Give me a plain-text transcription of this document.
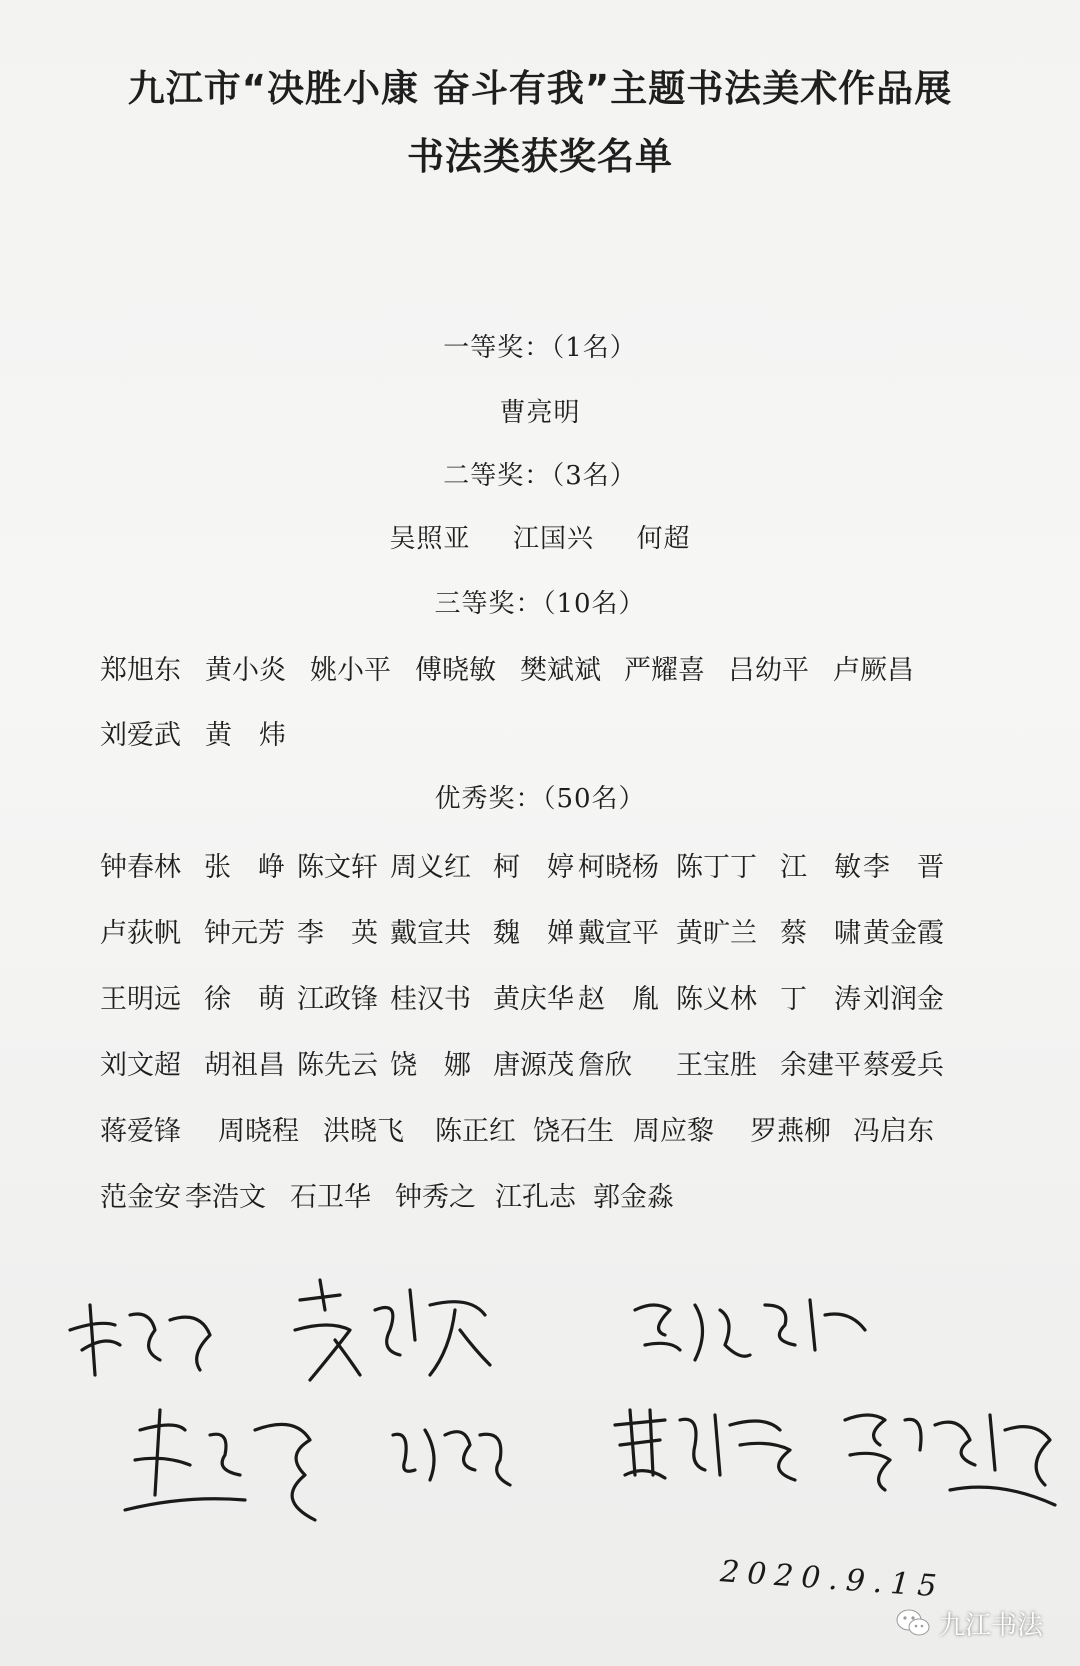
九江市“决胜小康 奋斗有我”主题书法美术作品展
书法类获奖名单
一等奖：（1名）
曹亮明
二等奖：（3名）
吴照亚 江国兴 何超
三等奖：（10名）
郑旭东 黄小炎 姚小平 傅晓敏 樊斌斌 严耀喜 吕幼平 卢厥昌
优秀奖：（50名）
钟春林 张　峥 陈文轩 周义红 柯　婷 柯晓杨 陈丁丁 江　敏 李　晋
卢荻帆 钟元芳 李　英 戴宣共 魏　婵 戴宣平 黄旷兰 蔡　啸 黄金霞
王明远 徐　萌 江政锋 桂汉书 黄庆华 赵　胤 陈义林 丁　涛 刘润金
刘文超 胡祖昌 陈先云 饶　娜 唐源茂 詹欣 王宝胜 余建平 蔡爱兵
蒋爱锋 周晓程 洪晓飞 陈正红 饶石生 周应黎 罗燕柳 冯启东
范金安 李浩文 石卫华 钟秀之 江孔志 郭金淼
2020.9.15
九江书法
刘爱武 黄　炜
